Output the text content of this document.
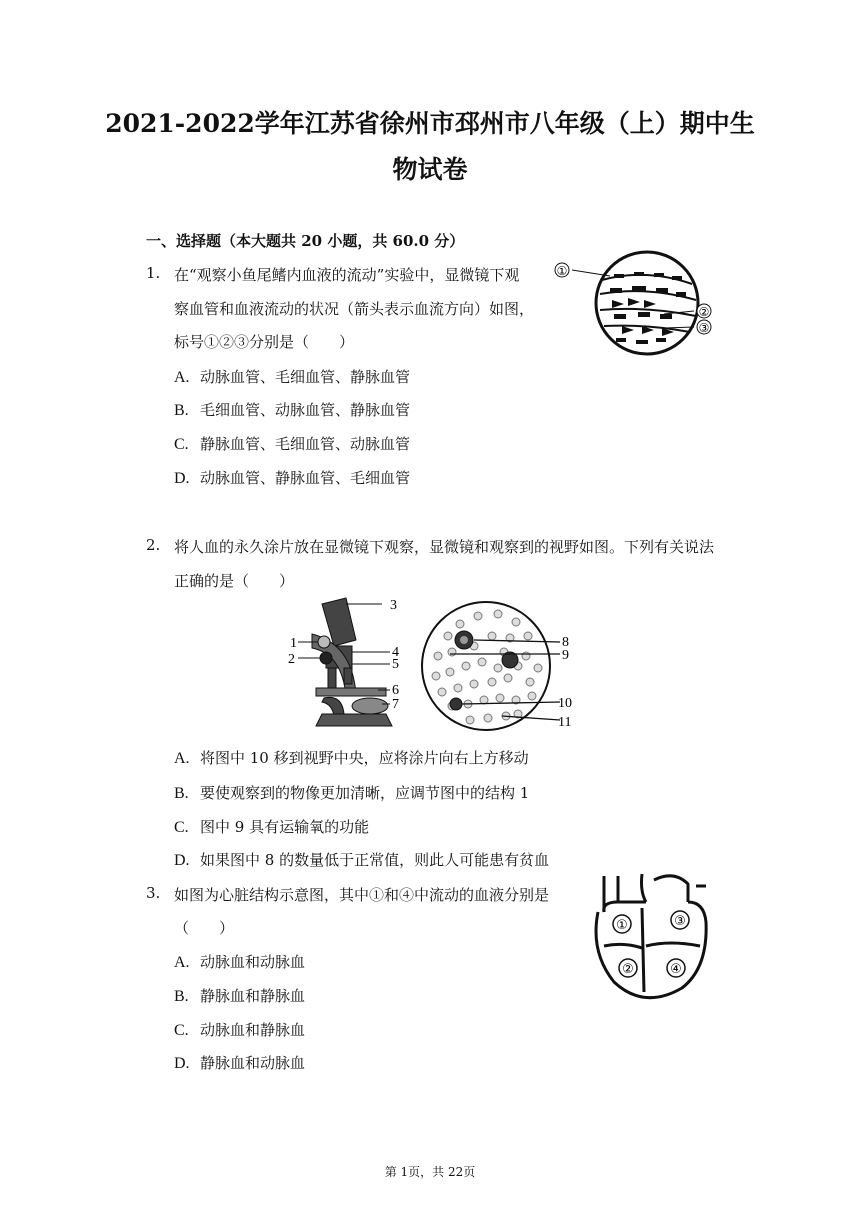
2021-2022学年江苏省徐州市邳州市八年级（上）期中生
物试卷
一、选择题（本大题共 20 小题，共 60.0 分）
1. 在“观察小鱼尾鳍内血液的流动”实验中，显微镜下观
察血管和血液流动的状况（箭头表示血流方向）如图，
标号①②③分别是（　　）
A. 动脉血管、毛细血管、静脉血管
B. 毛细血管、动脉血管、静脉血管
C. 静脉血管、毛细血管、动脉血管
D. 动脉血管、静脉血管、毛细血管
①
②
③
2. 将人血的永久涂片放在显微镜下观察，显微镜和观察到的视野如图。下列有关说法
正确的是（　　）
1
2
3
4
5
6
7
8
9
10
11
A. 将图中 10 移到视野中央，应将涂片向右上方移动
B. 要使观察到的物像更加清晰，应调节图中的结构 1
C. 图中 9 具有运输氧的功能
D. 如果图中 8 的数量低于正常值，则此人可能患有贫血
3. 如图为心脏结构示意图，其中①和④中流动的血液分别是
（　　）
A. 动脉血和动脉血
B. 静脉血和静脉血
C. 动脉血和静脉血
D. 静脉血和动脉血
①
②
③
④
第 1页，共 22页
